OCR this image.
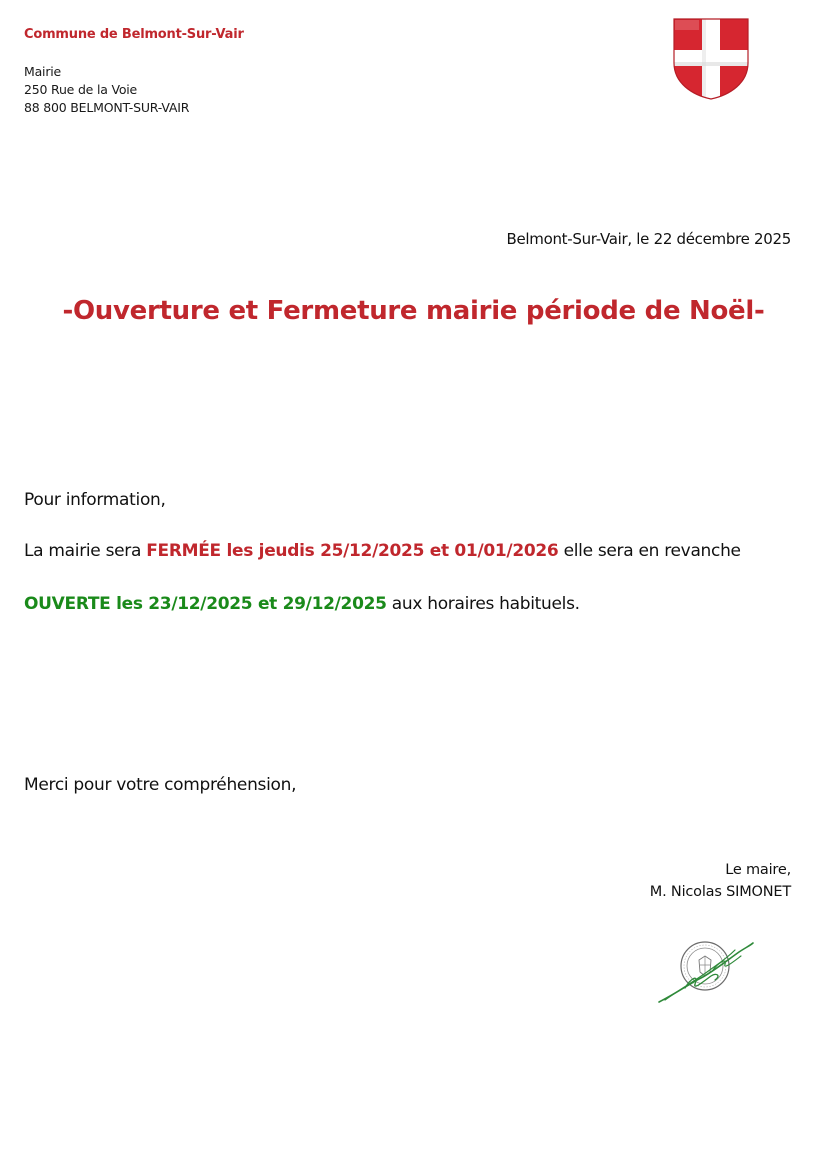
Commune de Belmont-Sur-Vair
Mairie
250 Rue de la Voie
88 800 BELMONT-SUR-VAIR
Belmont-Sur-Vair, le 22 décembre 2025
-Ouverture et Fermeture mairie période de Noël-
Pour information,
La mairie sera FERMÉE les jeudis 25/12/2025 et 01/01/2026 elle sera en revanche
OUVERTE les 23/12/2025 et 29/12/2025 aux horaires habituels.
Merci pour votre compréhension,
Le maire,
M. Nicolas SIMONET
